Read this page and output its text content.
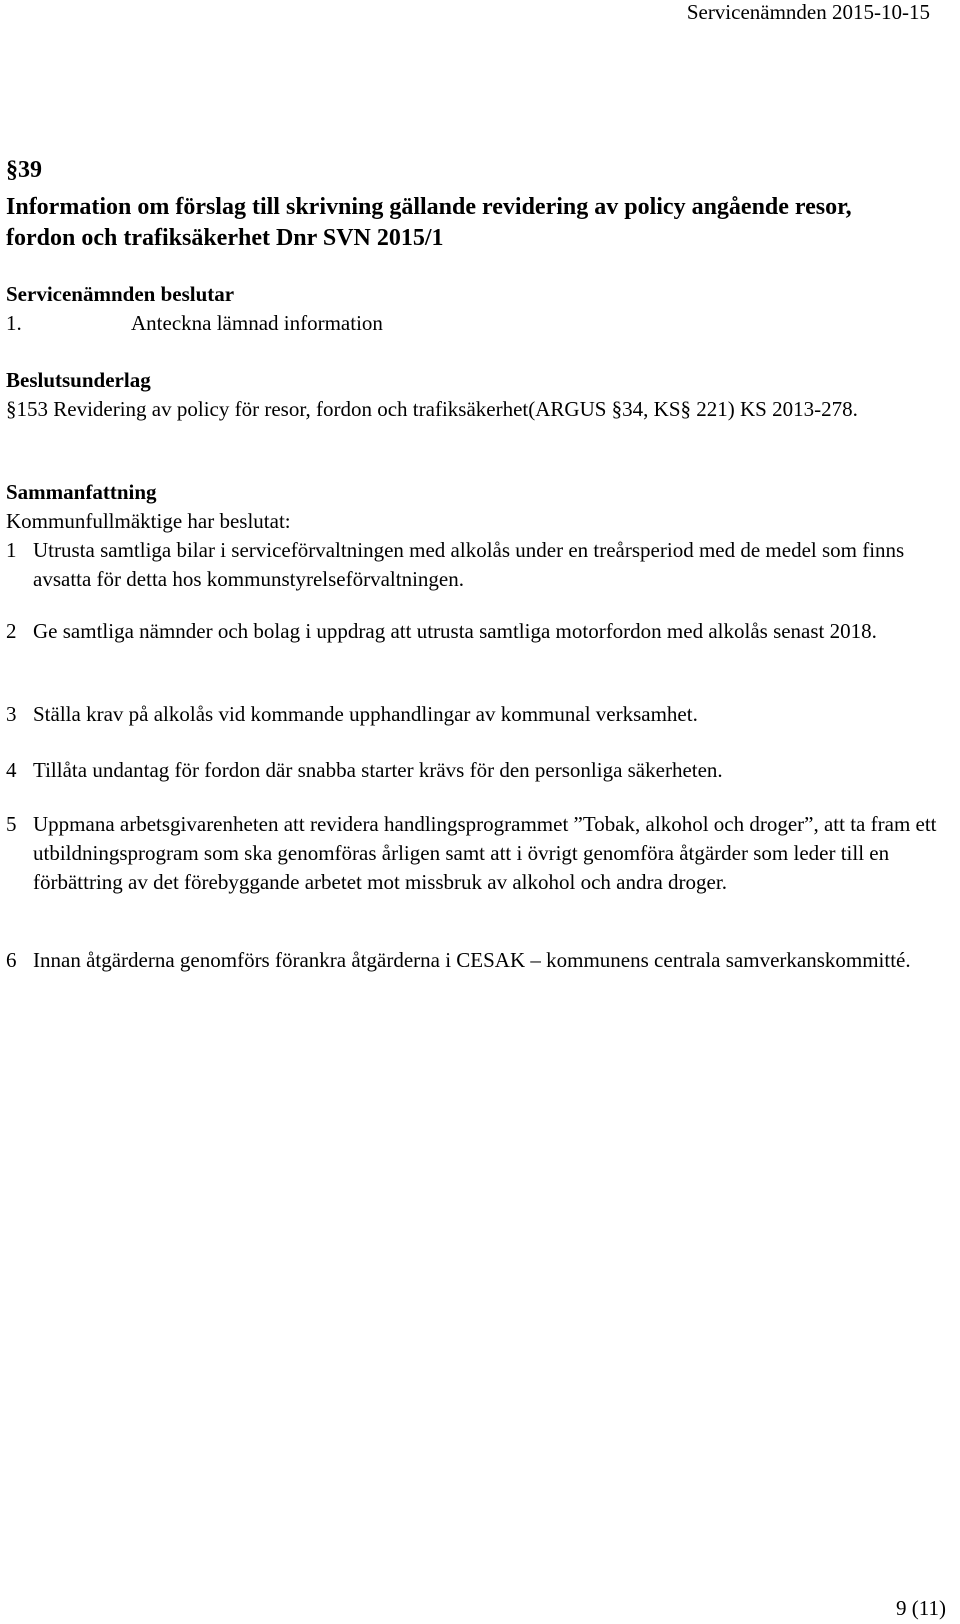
Servicenämnden 2015-10-15
§39
Information om förslag till skrivning gällande revidering av policy angående resor, fordon och trafiksäkerhet Dnr SVN 2015/1
Servicenämnden beslutar
1.	Anteckna lämnad information
Beslutsunderlag
§153 Revidering av policy för resor, fordon och trafiksäkerhet(ARGUS §34, KS§ 221) KS 2013-278.
Sammanfattning
Kommunfullmäktige har beslutat:
1 Utrusta samtliga bilar i serviceförvaltningen med alkolås under en treårsperiod med de medel som finns avsatta för detta hos kommunstyrelseförvaltningen.
2 Ge samtliga nämnder och bolag i uppdrag att utrusta samtliga motorfordon med alkolås senast 2018.
3 Ställa krav på alkolås vid kommande upphandlingar av kommunal verksamhet.
4 Tillåta undantag för fordon där snabba starter krävs för den personliga säkerheten.
5 Uppmana arbetsgivarenheten att revidera handlingsprogrammet ”Tobak, alkohol och droger”, att ta fram ett utbildningsprogram som ska genomföras årligen samt att i övrigt genomföra åtgärder som leder till en förbättring av det förebyggande arbetet mot missbruk av alkohol och andra droger.
6 Innan åtgärderna genomförs förankra åtgärderna i CESAK – kommunens centrala samverkanskommitté.
9 (11)
